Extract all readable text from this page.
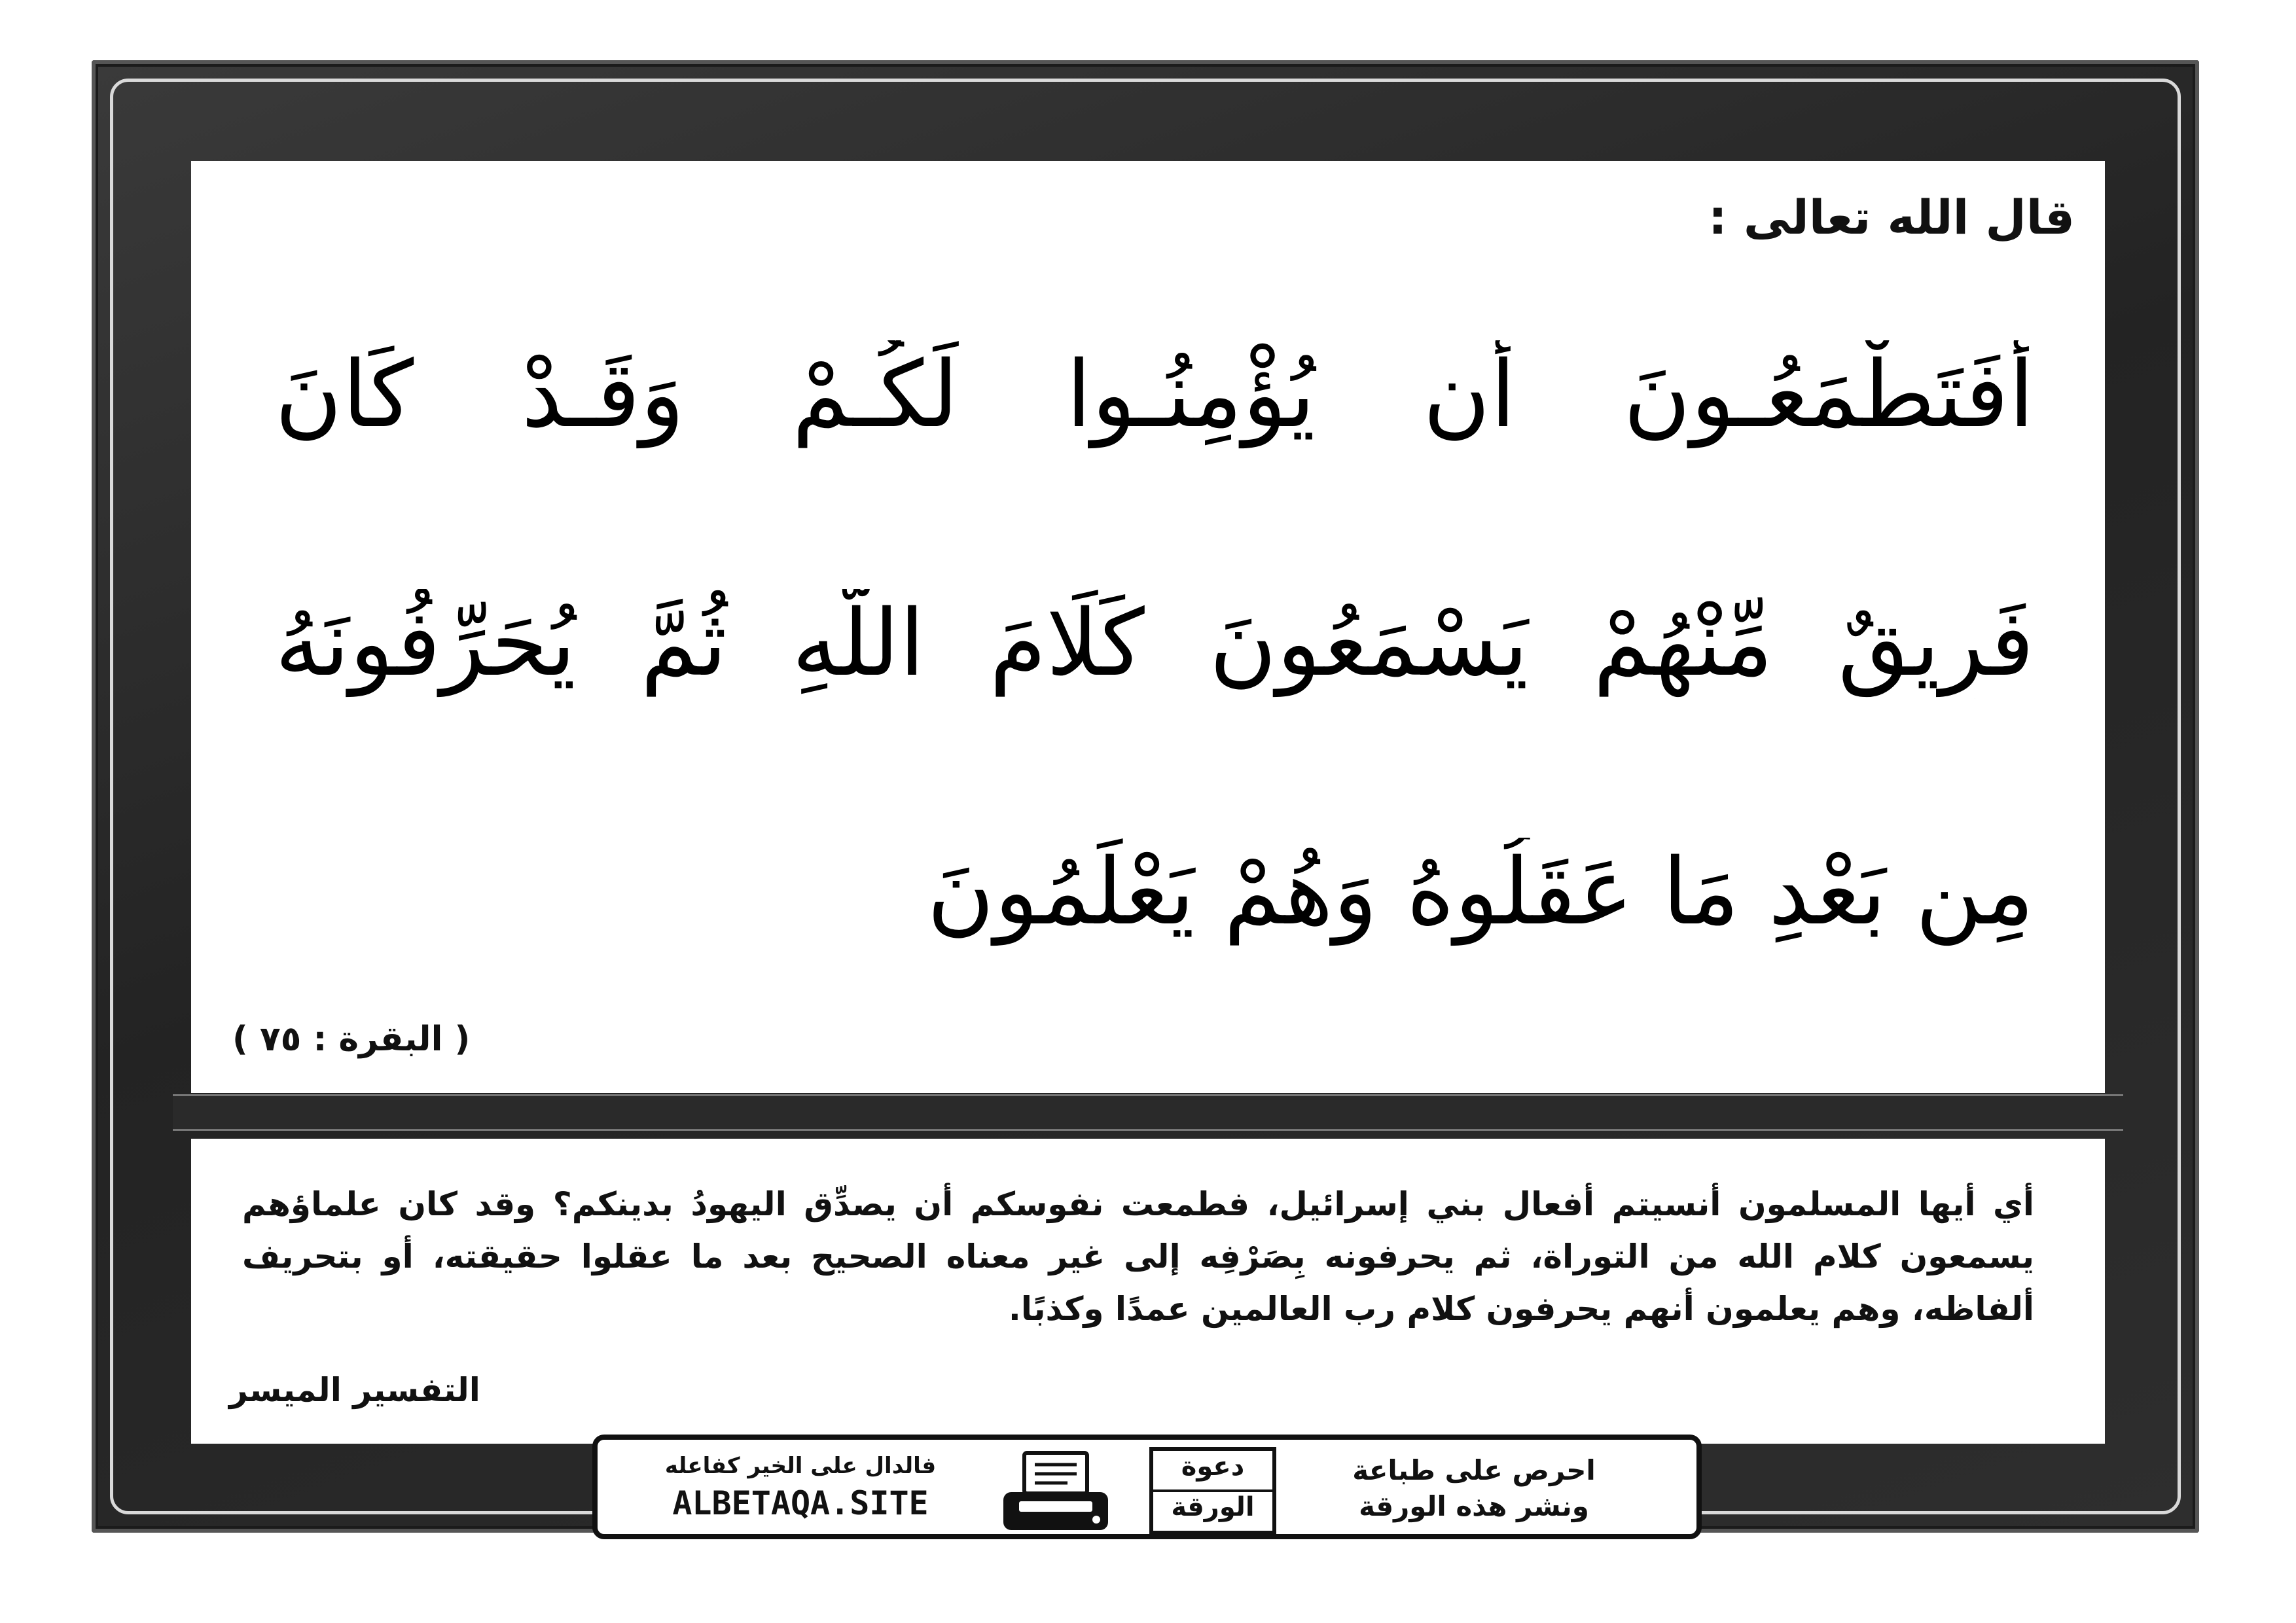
قال الله تعالى :
أَفَتَطْمَعُـونَ أَن يُؤْمِنُـوا لَكُـمْ وَقَـدْ كَانَ
فَرِيقٌ مِّنْهُمْ يَسْمَعُونَ كَلَامَ اللَّهِ ثُمَّ يُحَرِّفُونَهُ
مِن بَعْدِ مَا عَقَلُوهُ وَهُمْ يَعْلَمُونَ
( البقرة : ٧٥ )
أي أيها المسلمون أنسيتم أفعال بني إسرائيل، فطمعت نفوسكم أن يصدِّق اليهودُ بدينكم؟ وقد كان علماؤهم يسمعون كلام الله من التوراة، ثم يحرفونه بِصَرْفِه إلى غير معناه الصحيح بعد ما عقلوا حقيقته، أو بتحريف ألفاظه، وهم يعلمون أنهم يحرفون كلام رب العالمين عمدًا وكذبًا.
التفسير الميسر
احرص على طباعة
ونشر هذه الورقة
دعوة
الورقة
فالدال على الخير كفاعله
ALBETAQA.SITE
